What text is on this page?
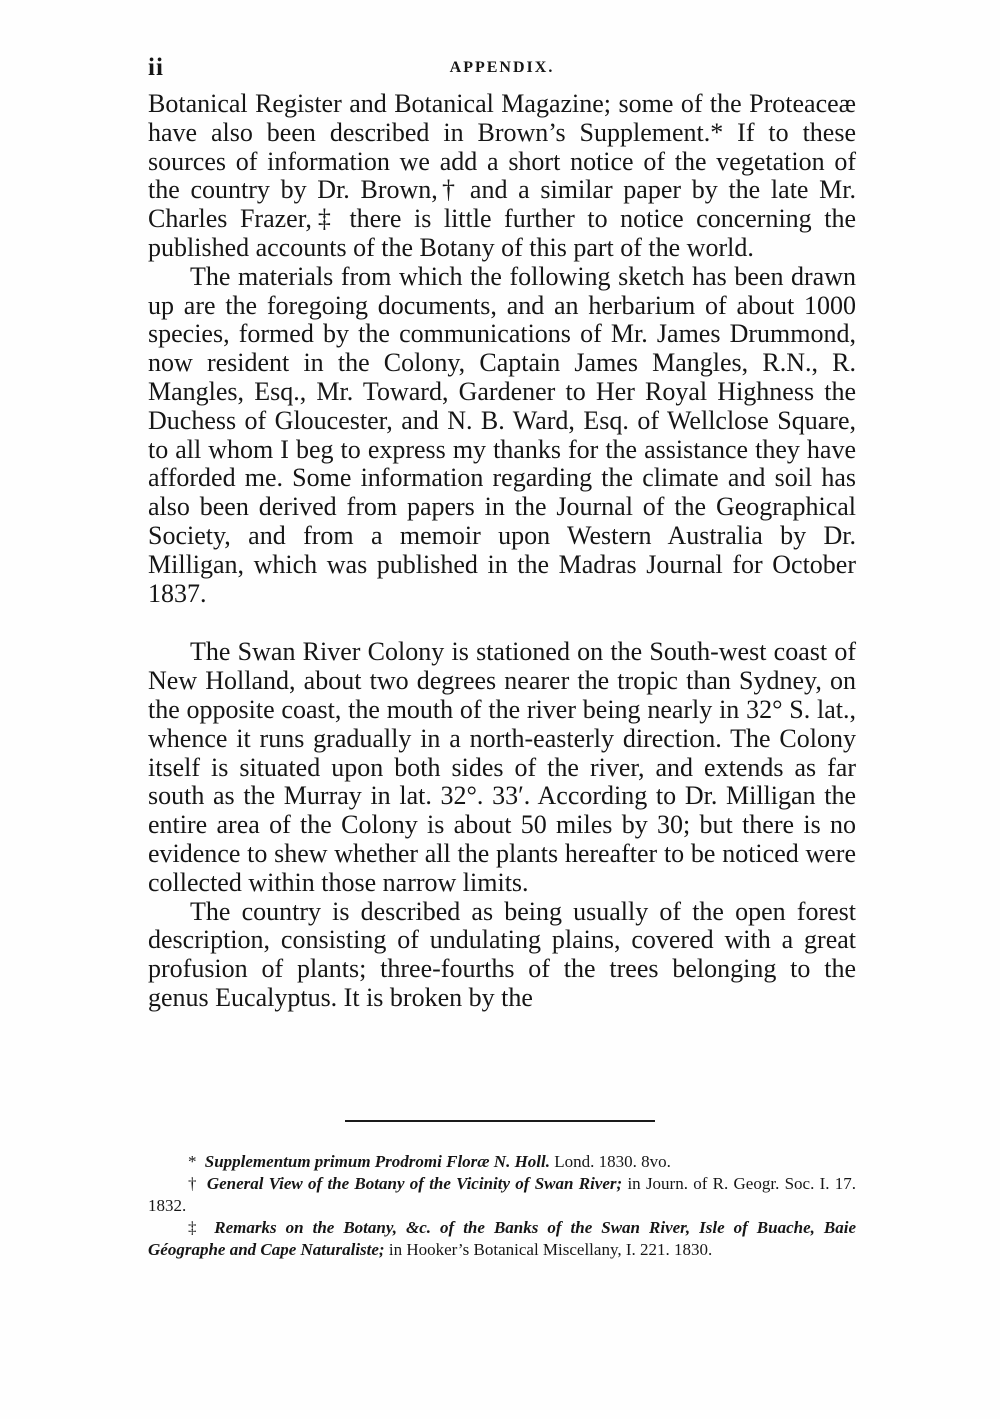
ii	APPENDIX.

Botanical Register and Botanical Magazine; some of the Proteaceæ have also been described in Brown’s Supplement.* If to these sources of information we add a short notice of the vegetation of the country by Dr. Brown,† and a similar paper by the late Mr. Charles Frazer,‡ there is little further to notice concerning the published accounts of the Botany of this part of the world.

The materials from which the following sketch has been drawn up are the foregoing documents, and an herbarium of about 1000 species, formed by the communications of Mr. James Drummond, now resident in the Colony, Captain James Mangles, R.N., R. Mangles, Esq., Mr. Toward, Gardener to Her Royal Highness the Duchess of Gloucester, and N. B. Ward, Esq. of Wellclose Square, to all whom I beg to express my thanks for the assistance they have afforded me. Some information regarding the climate and soil has also been derived from papers in the Journal of the Geographical Society, and from a memoir upon Western Australia by Dr. Milligan, which was published in the Madras Journal for October 1837.

The Swan River Colony is stationed on the South-west coast of New Holland, about two degrees nearer the tropic than Sydney, on the opposite coast, the mouth of the river being nearly in 32° S. lat., whence it runs gradually in a north-easterly direction. The Colony itself is situated upon both sides of the river, and extends as far south as the Murray in lat. 32°. 33′. According to Dr. Milligan the entire area of the Colony is about 50 miles by 30; but there is no evidence to shew whether all the plants hereafter to be noticed were collected within those narrow limits.

The country is described as being usually of the open forest description, consisting of undulating plains, covered with a great profusion of plants; three-fourths of the trees belonging to the genus Eucalyptus. It is broken by the

* Supplementum primum Prodromi Floræ N. Holl. Lond. 1830. 8vo.

† General View of the Botany of the Vicinity of Swan River; in Journ. of R. Geogr. Soc. I. 17. 1832.

‡ Remarks on the Botany, &c. of the Banks of the Swan River, Isle of Buache, Baie Géographe and Cape Naturaliste; in Hooker’s Botanical Miscellany, I. 221. 1830.
